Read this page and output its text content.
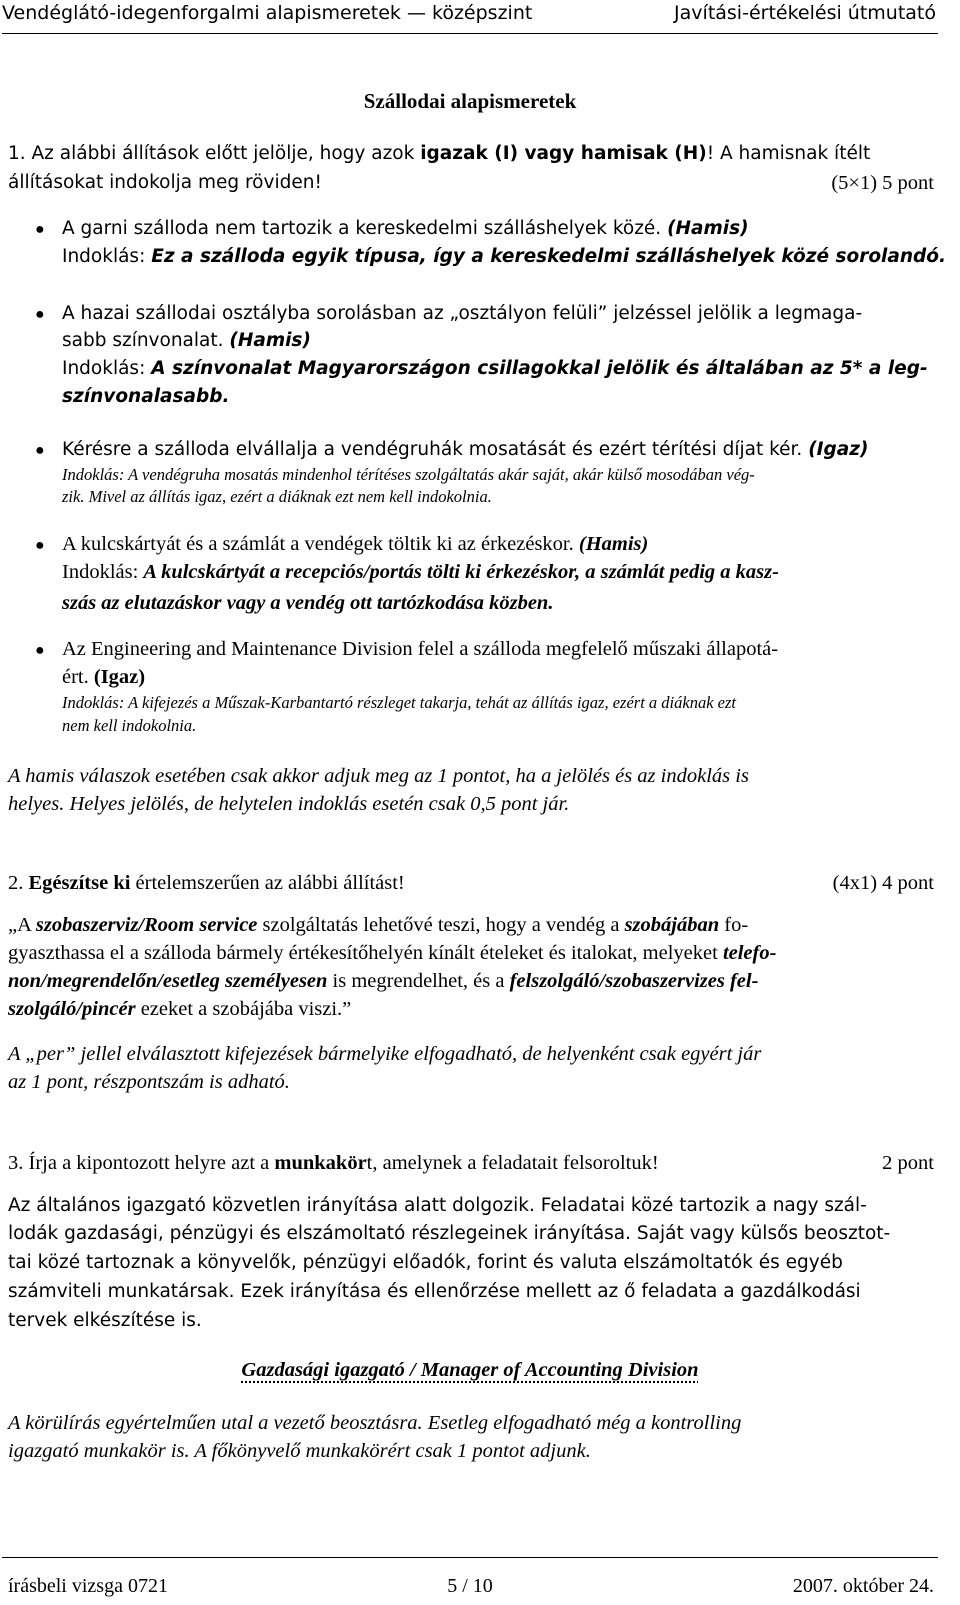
Vendéglátó-idegenforgalmi alapismeretek — középszint	Javítási-értékelési útmutató
Szállodai alapismeretek
1. Az alábbi állítások előtt jelölje, hogy azok igazak (I) vagy hamisak (H)! A hamisnak ítélt
állításokat indokolja meg röviden!	(5×1) 5 pont
● A garni szálloda nem tartozik a kereskedelmi szálláshelyek közé. (Hamis)
Indoklás: Ez a szálloda egyik típusa, így a kereskedelmi szálláshelyek közé sorolandó.
● A hazai szállodai osztályba sorolásban az „osztályon felüli” jelzéssel jelölik a legmaga-
sabb színvonalat. (Hamis)
Indoklás: A színvonalat Magyarországon csillagokkal jelölik és általában az 5* a leg-
színvonalasabb.
● Kérésre a szálloda elvállalja a vendégruhák mosatását és ezért térítési díjat kér. (Igaz)
Indoklás: A vendégruha mosatás mindenhol térítéses szolgáltatás akár saját, akár külső mosodában vég-
zik. Mivel az állítás igaz, ezért a diáknak ezt nem kell indokolnia.
● A kulcskártyát és a számlát a vendégek töltik ki az érkezéskor. (Hamis)
Indoklás: A kulcskártyát a recepciós/portás tölti ki érkezéskor, a számlát pedig a kasz-
szás az elutazáskor vagy a vendég ott tartózkodása közben.
● Az Engineering and Maintenance Division felel a szálloda megfelelő műszaki állapotá-
ért. (Igaz)
Indoklás: A kifejezés a Műszak-Karbantartó részleget takarja, tehát az állítás igaz, ezért a diáknak ezt
nem kell indokolnia.
A hamis válaszok esetében csak akkor adjuk meg az 1 pontot, ha a jelölés és az indoklás is
helyes. Helyes jelölés, de helytelen indoklás esetén csak 0,5 pont jár.
2. Egészítse ki értelemszerűen az alábbi állítást!	(4x1) 4 pont
„A szobaszerviz/Room service szolgáltatás lehetővé teszi, hogy a vendég a szobájában fo-
gyaszthassa el a szálloda bármely értékesítőhelyén kínált ételeket és italokat, melyeket telefo-
non/megrendelőn/esetleg személyesen is megrendelhet, és a felszolgáló/szobaszervizes fel-
szolgáló/pincér ezeket a szobájába viszi.”
A „per” jellel elválasztott kifejezések bármelyike elfogadható, de helyenként csak egyért jár
az 1 pont, részpontszám is adható.
3. Írja a kipontozott helyre azt a munkakört, amelynek a feladatait felsoroltuk!	2 pont
Az általános igazgató közvetlen irányítása alatt dolgozik. Feladatai közé tartozik a nagy szál-
lodák gazdasági, pénzügyi és elszámoltató részlegeinek irányítása. Saját vagy külsős beosztot-
tai közé tartoznak a könyvelők, pénzügyi előadók, forint és valuta elszámoltatók és egyéb
számviteli munkatársak. Ezek irányítása és ellenőrzése mellett az ő feladata a gazdálkodási
tervek elkészítése is.
Gazdasági igazgató / Manager of Accounting Division
A körülírás egyértelműen utal a vezető beosztásra. Esetleg elfogadható még a kontrolling
igazgató munkakör is. A főkönyvelő munkakörért csak 1 pontot adjunk.
írásbeli vizsga 0721	5 / 10	2007. október 24.
